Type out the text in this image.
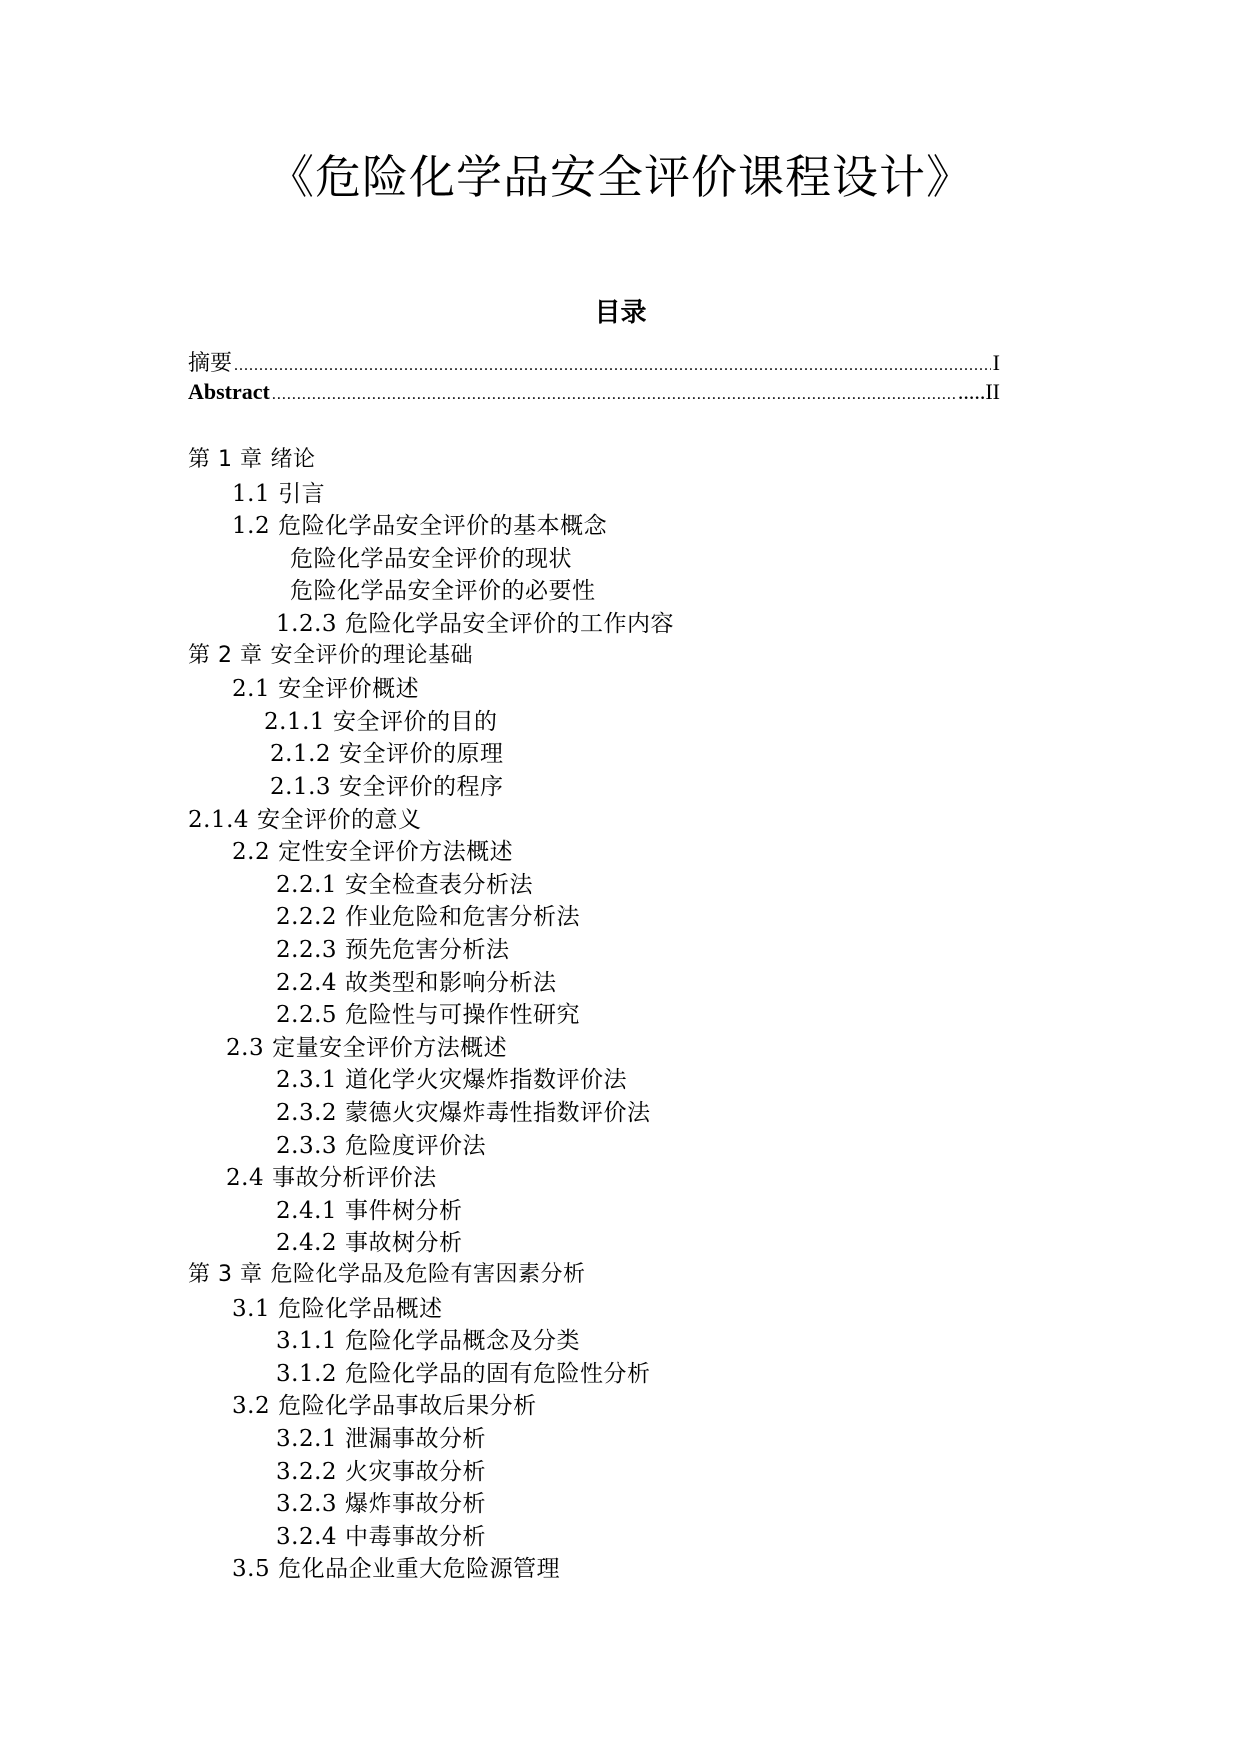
《危险化学品安全评价课程设计》
目录
摘要 .....	I
Abstract .....	.....II
第 1 章 绪论
1.1 引言
1.2 危险化学品安全评价的基本概念
危险化学品安全评价的现状
危险化学品安全评价的必要性
1.2.3 危险化学品安全评价的工作内容
第 2 章 安全评价的理论基础
2.1 安全评价概述
2.1.1 安全评价的目的
2.1.2 安全评价的原理
2.1.3 安全评价的程序
2.1.4 安全评价的意义
2.2 定性安全评价方法概述
2.2.1 安全检查表分析法
2.2.2 作业危险和危害分析法
2.2.3 预先危害分析法
2.2.4 故类型和影响分析法
2.2.5 危险性与可操作性研究
2.3 定量安全评价方法概述
2.3.1 道化学火灾爆炸指数评价法
2.3.2 蒙德火灾爆炸毒性指数评价法
2.3.3 危险度评价法
2.4 事故分析评价法
2.4.1 事件树分析
2.4.2 事故树分析
第 3 章 危险化学品及危险有害因素分析
3.1 危险化学品概述
3.1.1 危险化学品概念及分类
3.1.2 危险化学品的固有危险性分析
3.2 危险化学品事故后果分析
3.2.1 泄漏事故分析
3.2.2 火灾事故分析
3.2.3 爆炸事故分析
3.2.4 中毒事故分析
3.5 危化品企业重大危险源管理
